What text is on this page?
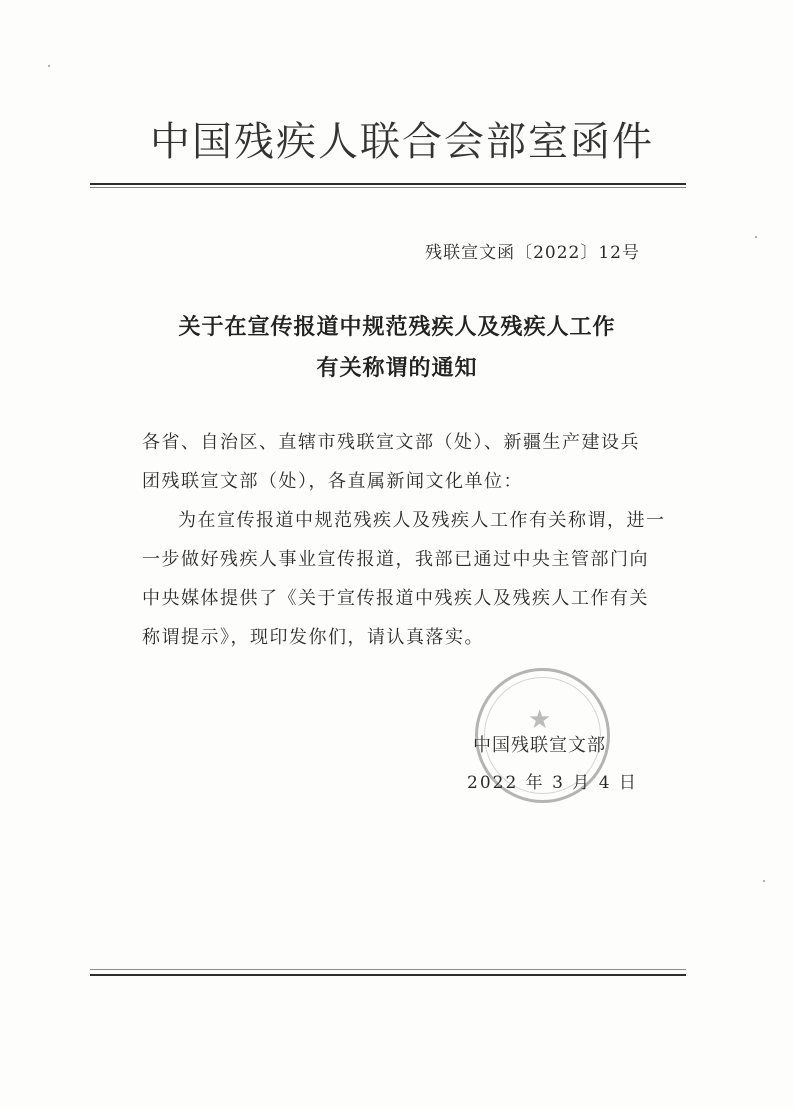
中国残疾人联合会部室函件
残联宣文函〔2022〕12号
关于在宣传报道中规范残疾人及残疾人工作
有关称谓的通知
各省、自治区、直辖市残联宣文部（处）、新疆生产建设兵
团残联宣文部（处），各直属新闻文化单位：
为在宣传报道中规范残疾人及残疾人工作有关称谓，进一
一步做好残疾人事业宣传报道，我部已通过中央主管部门向
中央媒体提供了《关于宣传报道中残疾人及残疾人工作有关
称谓提示》，现印发你们，请认真落实。
★
中国残联宣文部
2022 年 3 月 4 日
